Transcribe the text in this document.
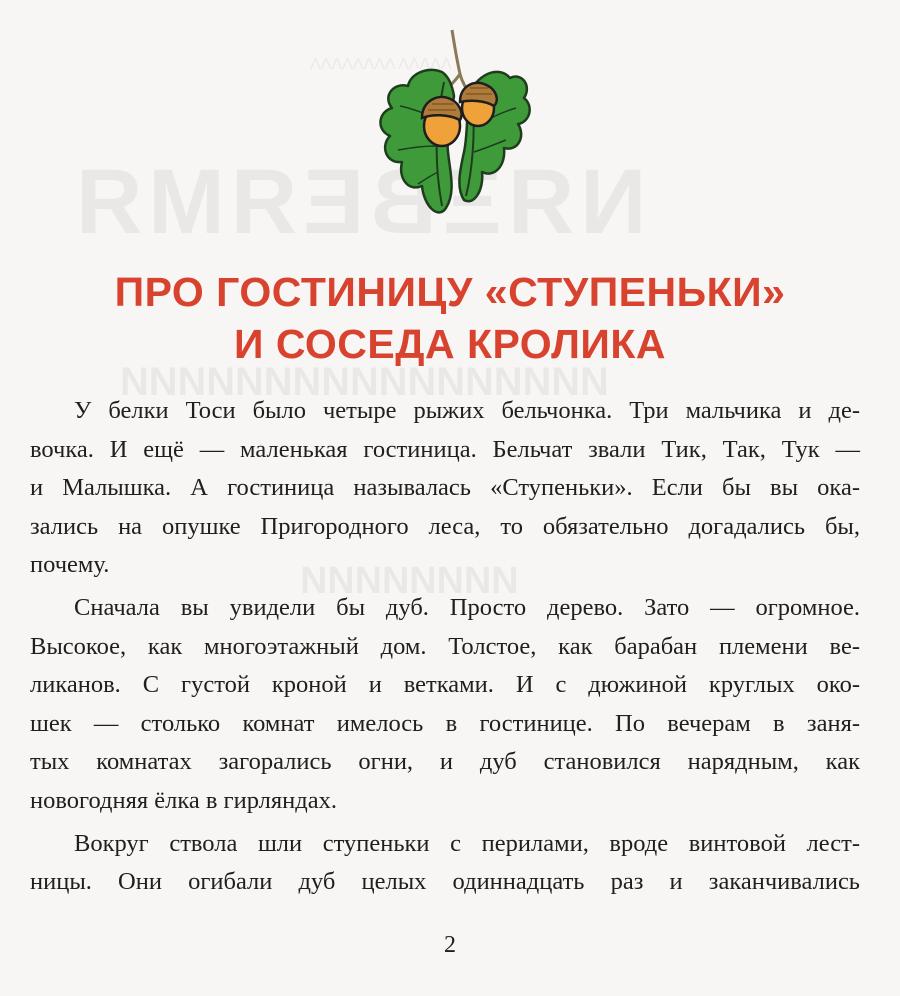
ΛΛΛΛΛ ΛΛΛΛΛΛΛΛ
NЯΞВЕЯМЯ
ИИИИИИИИИИИИИИИИИ
ИИИИИИИИ
ПРО ГОСТИНИЦУ «СТУПЕНЬКИ»
И СОСЕДА КРОЛИКА
У белки Тоси было четыре рыжих бельчонка. Три мальчика и де-
вочка. И ещё — маленькая гостиница. Бельчат звали Тик, Так, Тук —
и Малышка. А гостиница называлась «Ступеньки». Если бы вы ока-
зались на опушке Пригородного леса, то обязательно догадались бы,
почему.
Сначала вы увидели бы дуб. Просто дерево. Зато — огромное.
Высокое, как многоэтажный дом. Толстое, как барабан племени ве-
ликанов. С густой кроной и ветками. И с дюжиной круглых око-
шек — столько комнат имелось в гостинице. По вечерам в заня-
тых комнатах загорались огни, и дуб становился нарядным, как
новогодняя ёлка в гирляндах.
Вокруг ствола шли ступеньки с перилами, вроде винтовой лест-
ницы. Они огибали дуб целых одиннадцать раз и заканчивались
2
